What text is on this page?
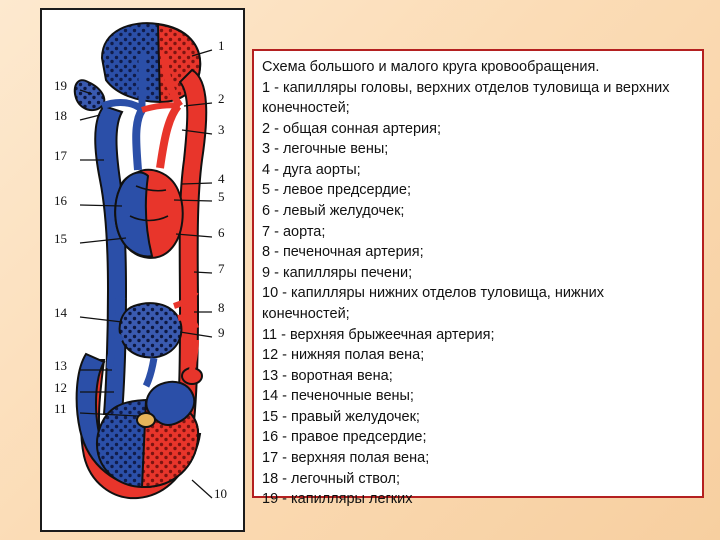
19
18
17
16
15
14
13
12
11
1
2
3
4
5
6
7
8
9
10
Схема большого и малого круга кровообращения.
1 - капилляры головы, верхних отделов туловища и верхних конечностей;
2 - общая сонная артерия;
3 - легочные вены;
4 - дуга аорты;
5 - левое предсердие;
6 - левый желудочек;
7 - аорта;
8 - печеночная артерия;
9 - капилляры печени;
10 - капилляры нижних отделов туловища, нижних конечностей;
11 - верхняя брыжеечная артерия;
12 - нижняя полая вена;
13 - воротная вена;
14 - печеночные вены;
15 - правый желудочек;
16 - правое предсердие;
17 - верхняя полая вена;
18 - легочный ствол;
19 - капилляры легких
